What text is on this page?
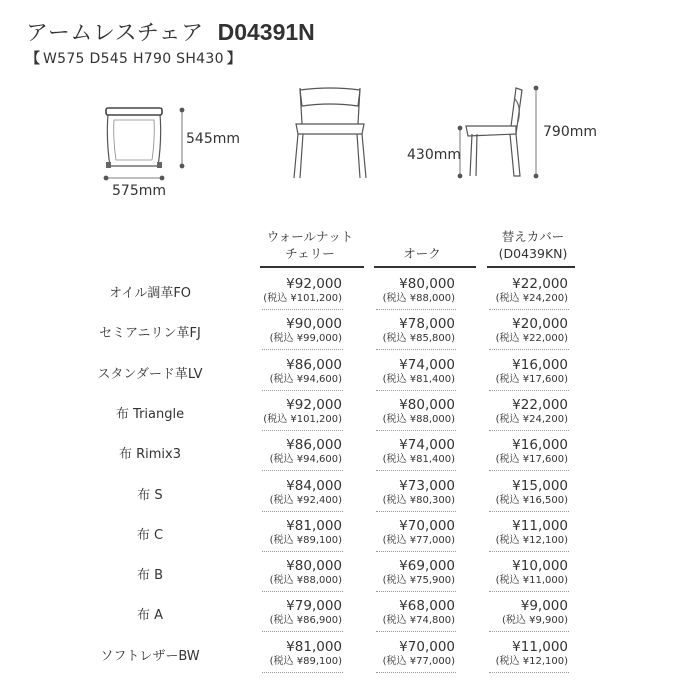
アームレスチェア D04391N
【 W575 D545 H790 SH430 】
545mm
575mm
430mm
790mm
ウォールナット
チェリー	オーク
替えカバー
(D0439KN)
オイル調革FO
¥92,000
(税込 ¥101,200)
¥80,000
(税込 ¥88,000)
¥22,000
(税込 ¥24,200)
セミアニリン革FJ
¥90,000
(税込 ¥99,000)
¥78,000
(税込 ¥85,800)
¥20,000
(税込 ¥22,000)
スタンダード革LV
¥86,000
(税込 ¥94,600)
¥74,000
(税込 ¥81,400)
¥16,000
(税込 ¥17,600)
布 Triangle
¥92,000
(税込 ¥101,200)
¥80,000
(税込 ¥88,000)
¥22,000
(税込 ¥24,200)
布 Rimix3
¥86,000
(税込 ¥94,600)
¥74,000
(税込 ¥81,400)
¥16,000
(税込 ¥17,600)
布 S
¥84,000
(税込 ¥92,400)
¥73,000
(税込 ¥80,300)
¥15,000
(税込 ¥16,500)
布 C
¥81,000
(税込 ¥89,100)
¥70,000
(税込 ¥77,000)
¥11,000
(税込 ¥12,100)
布 B
¥80,000
(税込 ¥88,000)
¥69,000
(税込 ¥75,900)
¥10,000
(税込 ¥11,000)
布 A
¥79,000
(税込 ¥86,900)
¥68,000
(税込 ¥74,800)
¥9,000
(税込 ¥9,900)
ソフトレザーBW
¥81,000
(税込 ¥89,100)
¥70,000
(税込 ¥77,000)
¥11,000
(税込 ¥12,100)
